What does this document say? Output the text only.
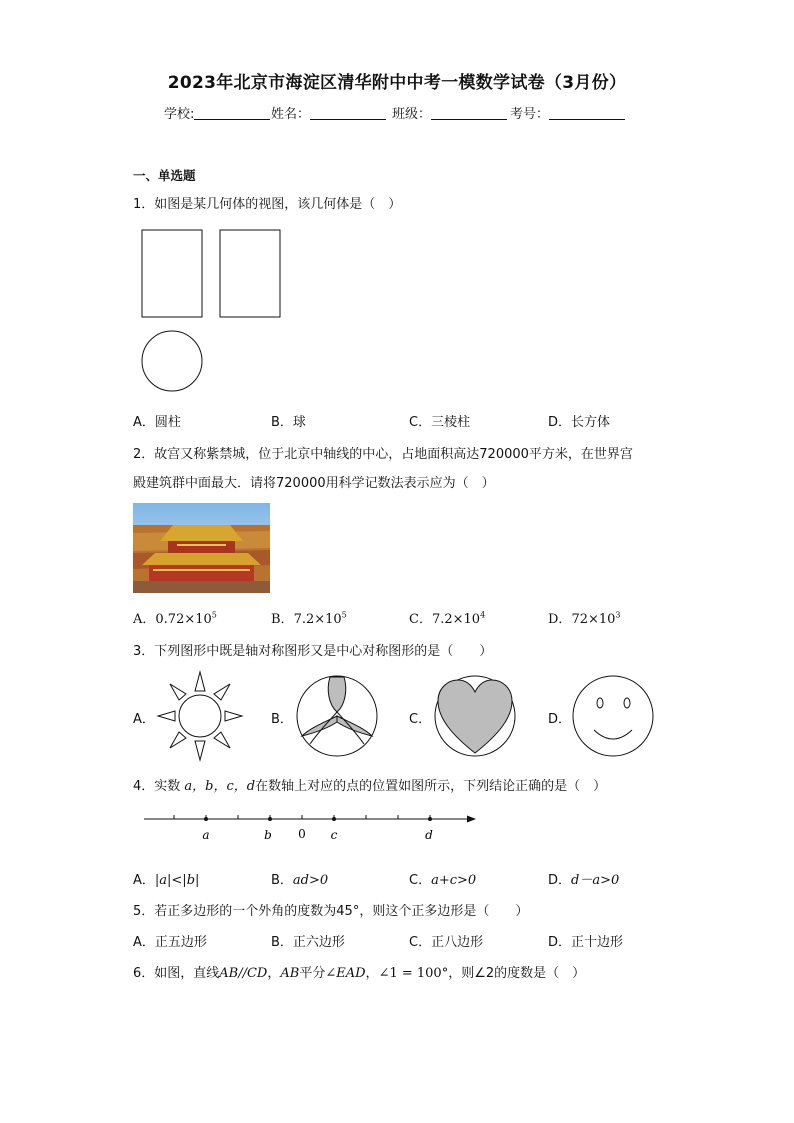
2023年北京市海淀区清华附中中考一模数学试卷（3月份）
学校:	姓名：	班级：	考号：
一、单选题
1．如图是某几何体的视图，该几何体是（　）
A．圆柱	B．球	C．三棱柱	D．长方体
2．故宫又称紫禁城，位于北京中轴线的中心，占地面积高达720000平方米，在世界宫
殿建筑群中面最大．请将720000用科学记数法表示应为（　）
A．$0.72\times 10^5$	B．$7.2\times 10^5$	C．$7.2\times 10^4$	D．$72\times 10^3$
3．下列图形中既是轴对称图形又是中心对称图形的是（　　）
A．	B．	C．	D．
4．实数 a，b，c，d在数轴上对应的点的位置如图所示，下列结论正确的是（　）
a	b 0 c	d
A．|a|<|b|	B．ad>0	C．a+c>0	D．d－a>0
5．若正多边形的一个外角的度数为45°，则这个正多边形是（　　）
A．正五边形	B．正六边形	C．正八边形	D．正十边形
6．如图，直线AB//CD，AB平分∠EAD，∠1 = 100°，则∠2的度数是（　）
